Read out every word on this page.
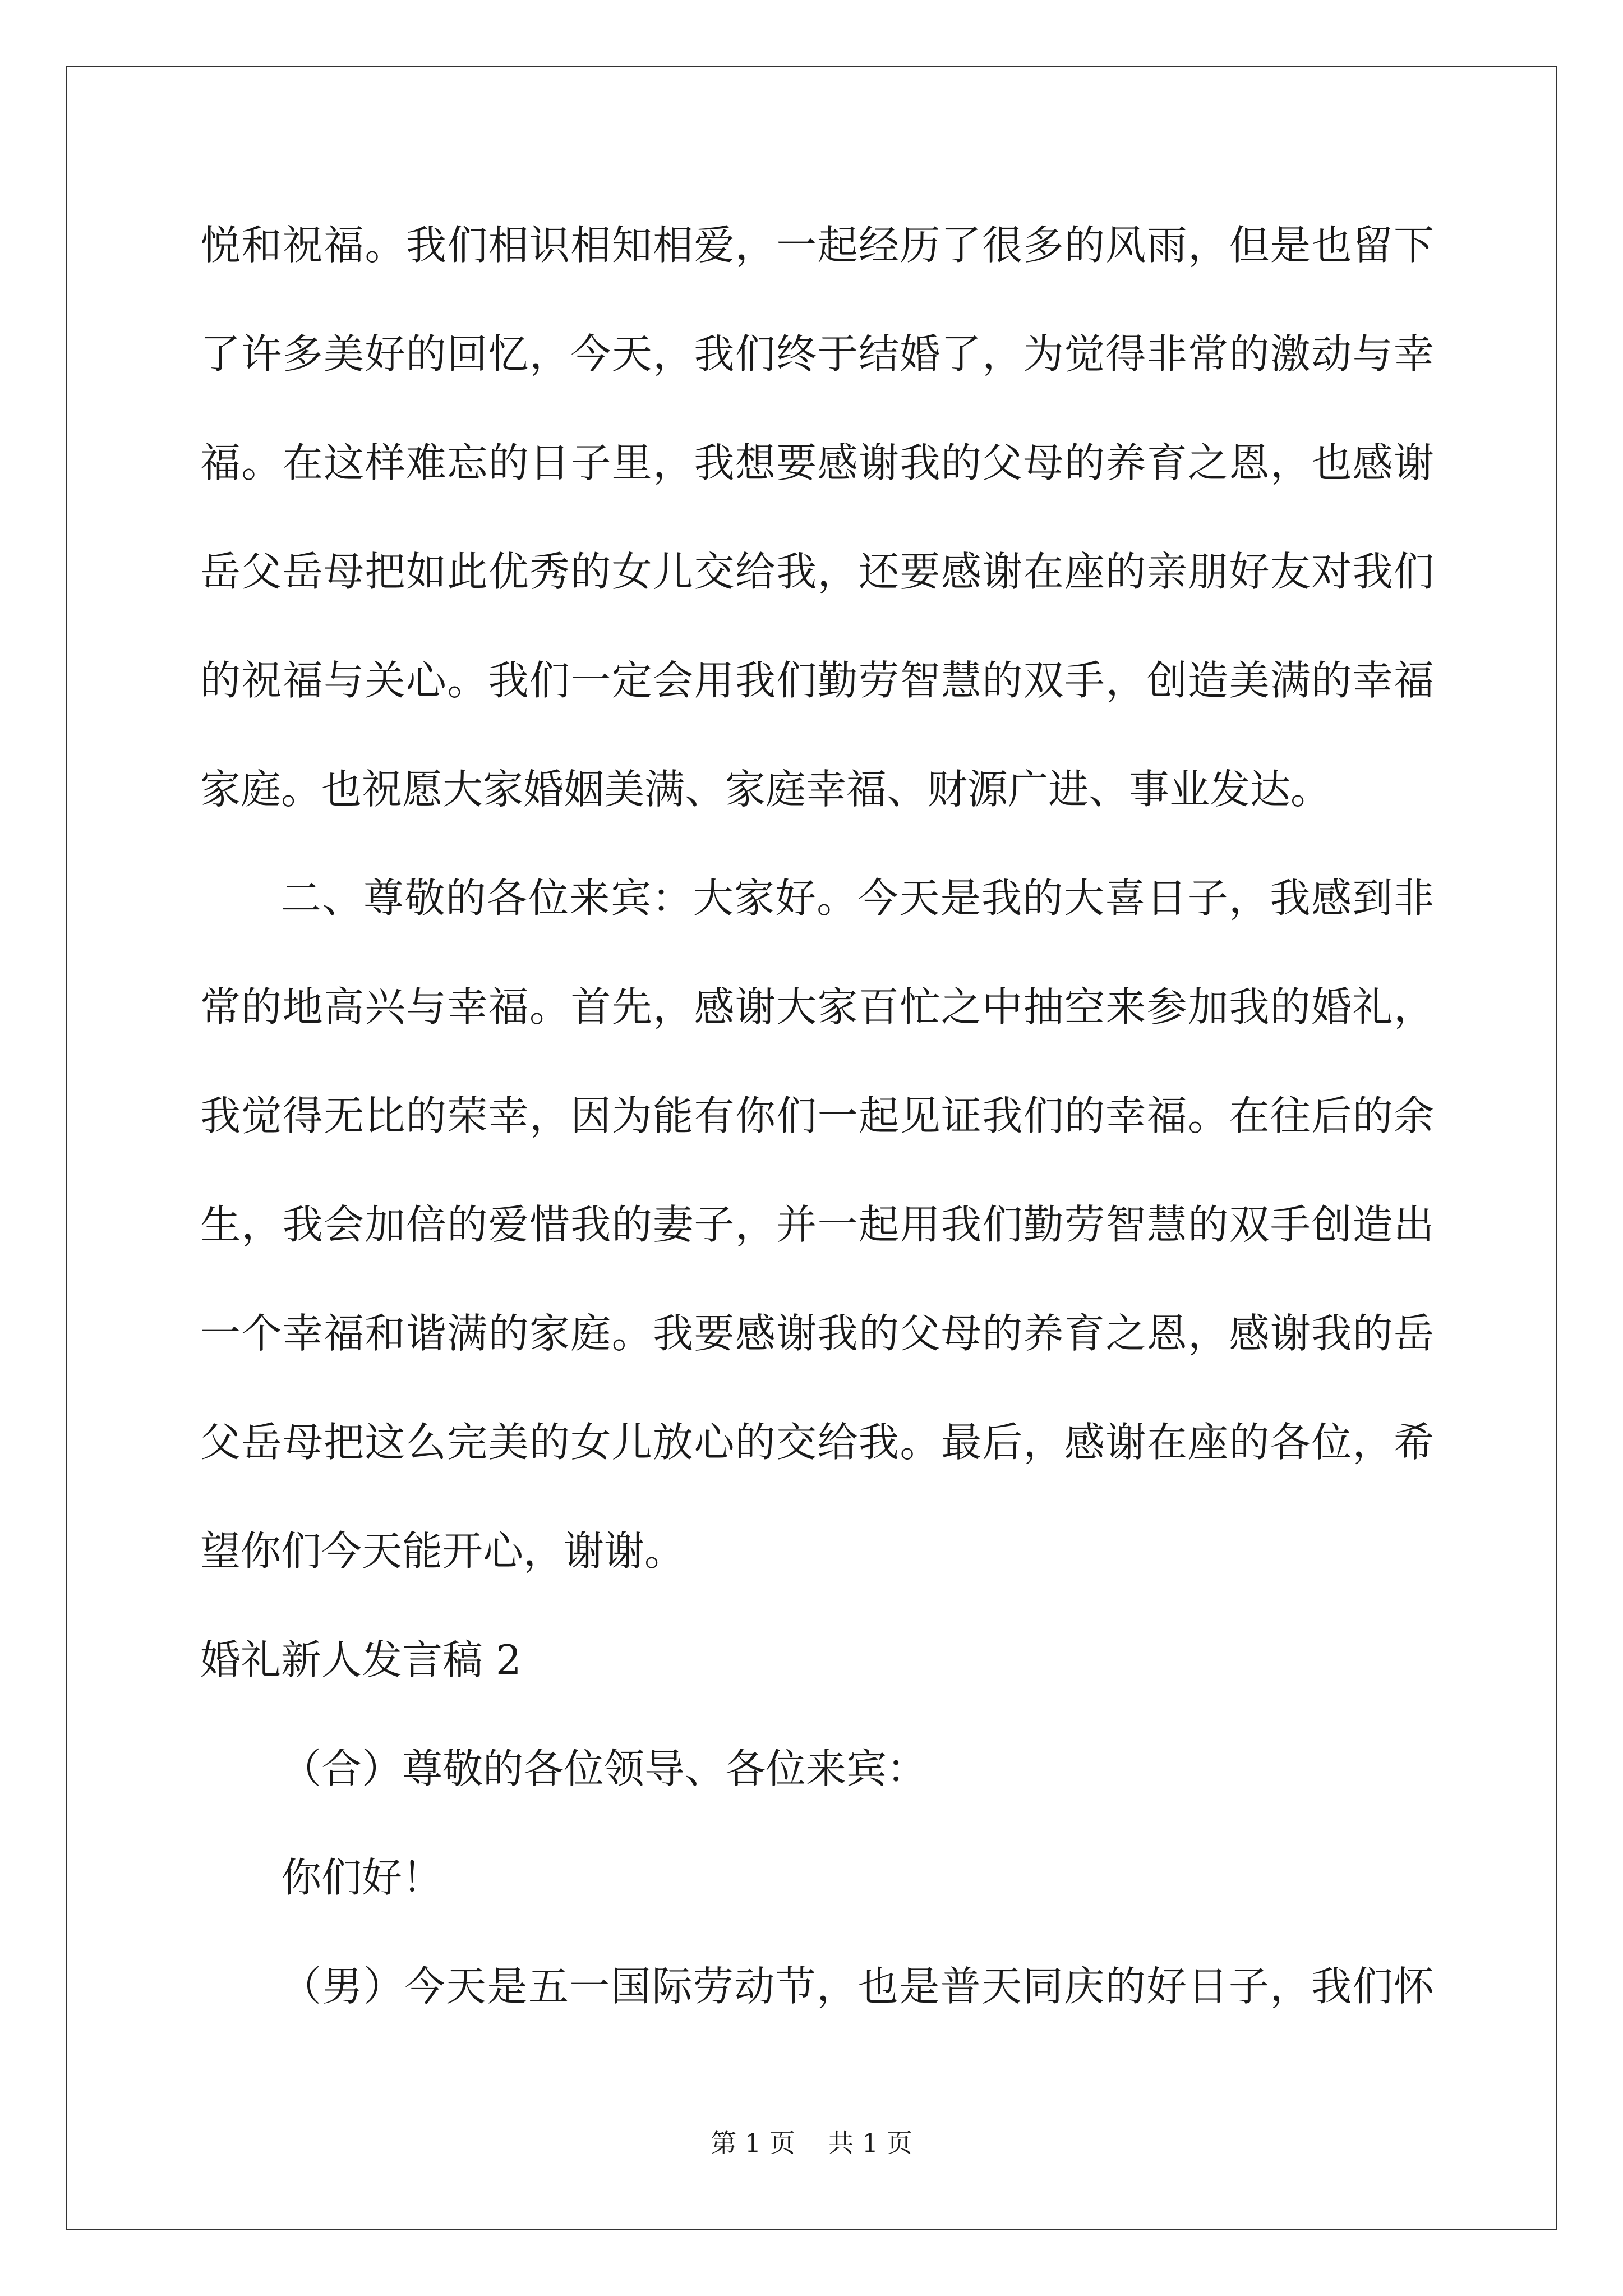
悦和祝福。我们相识相知相爱，一起经历了很多的风雨，但是也留下
了许多美好的回忆，今天，我们终于结婚了，为觉得非常的激动与幸
福。在这样难忘的日子里，我想要感谢我的父母的养育之恩，也感谢
岳父岳母把如此优秀的女儿交给我，还要感谢在座的亲朋好友对我们
的祝福与关心。我们一定会用我们勤劳智慧的双手，创造美满的幸福
家庭。也祝愿大家婚姻美满、家庭幸福、财源广进、事业发达。
二、尊敬的各位来宾：大家好。今天是我的大喜日子，我感到非
常的地高兴与幸福。首先，感谢大家百忙之中抽空来参加我的婚礼，
我觉得无比的荣幸，因为能有你们一起见证我们的幸福。在往后的余
生，我会加倍的爱惜我的妻子，并一起用我们勤劳智慧的双手创造出
一个幸福和谐满的家庭。我要感谢我的父母的养育之恩，感谢我的岳
父岳母把这么完美的女儿放心的交给我。最后，感谢在座的各位，希
望你们今天能开心，谢谢。
婚礼新人发言稿 2
（合）尊敬的各位领导、各位来宾：
你们好！
（男）今天是五一国际劳动节，也是普天同庆的好日子，我们怀
第 1 页    共 1 页
